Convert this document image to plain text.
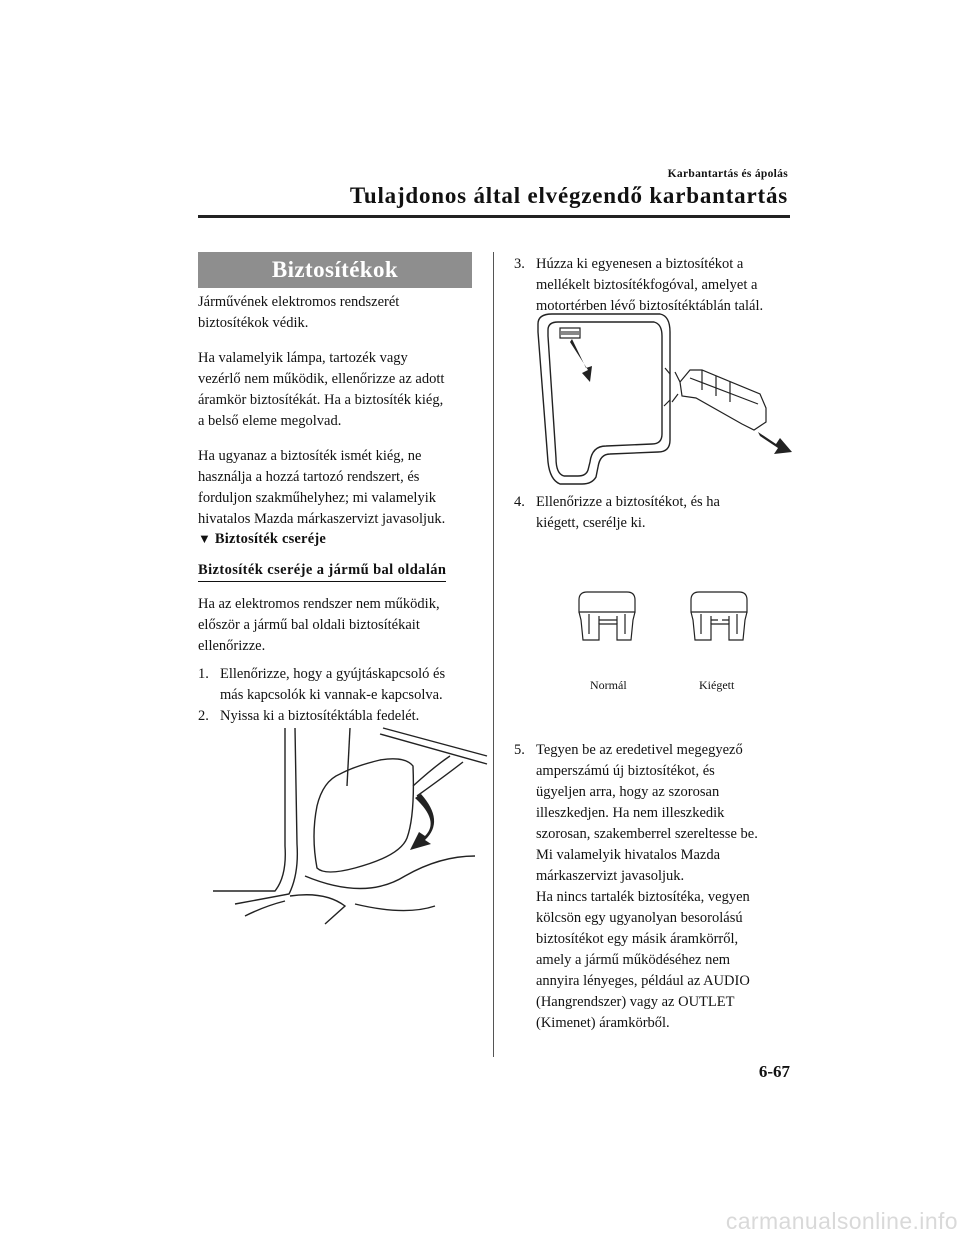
Karbantartás és ápolás
Tulajdonos által elvégzendő karbantartás
Biztosítékok
Járművének elektromos rendszerét
biztosítékok védik.
Ha valamelyik lámpa, tartozék vagy
vezérlő nem működik, ellenőrizze az adott
áramkör biztosítékát. Ha a biztosíték kiég,
a belső eleme megolvad.
Ha ugyanaz a biztosíték ismét kiég, ne
használja a hozzá tartozó rendszert, és
forduljon szakműhelyhez; mi valamelyik
hivatalos Mazda márkaszervizt javasoljuk.
▼ Biztosíték cseréje
Biztosíték cseréje a jármű bal oldalán
Ha az elektromos rendszer nem működik,
először a jármű bal oldali biztosítékait
ellenőrizze.
1. Ellenőrizze, hogy a gyújtáskapcsoló és
más kapcsolók ki vannak-e kapcsolva.
2. Nyissa ki a biztosítéktábla fedelét.
3. Húzza ki egyenesen a biztosítékot a
mellékelt biztosítékfogóval, amelyet a
motortérben lévő biztosítéktáblán talál.
4. Ellenőrizze a biztosítékot, és ha
kiégett, cserélje ki.
Normál	Kiégett
5. Tegyen be az eredetivel megegyező
amperszámú új biztosítékot, és
ügyeljen arra, hogy az szorosan
illeszkedjen. Ha nem illeszkedik
szorosan, szakemberrel szereltesse be.
Mi valamelyik hivatalos Mazda
márkaszervizt javasoljuk.
Ha nincs tartalék biztosítéka, vegyen
kölcsön egy ugyanolyan besorolású
biztosítékot egy másik áramkörről,
amely a jármű működéséhez nem
annyira lényeges, például az AUDIO
(Hangrendszer) vagy az OUTLET
(Kimenet) áramkörből.
6-67
carmanualsonline.info
